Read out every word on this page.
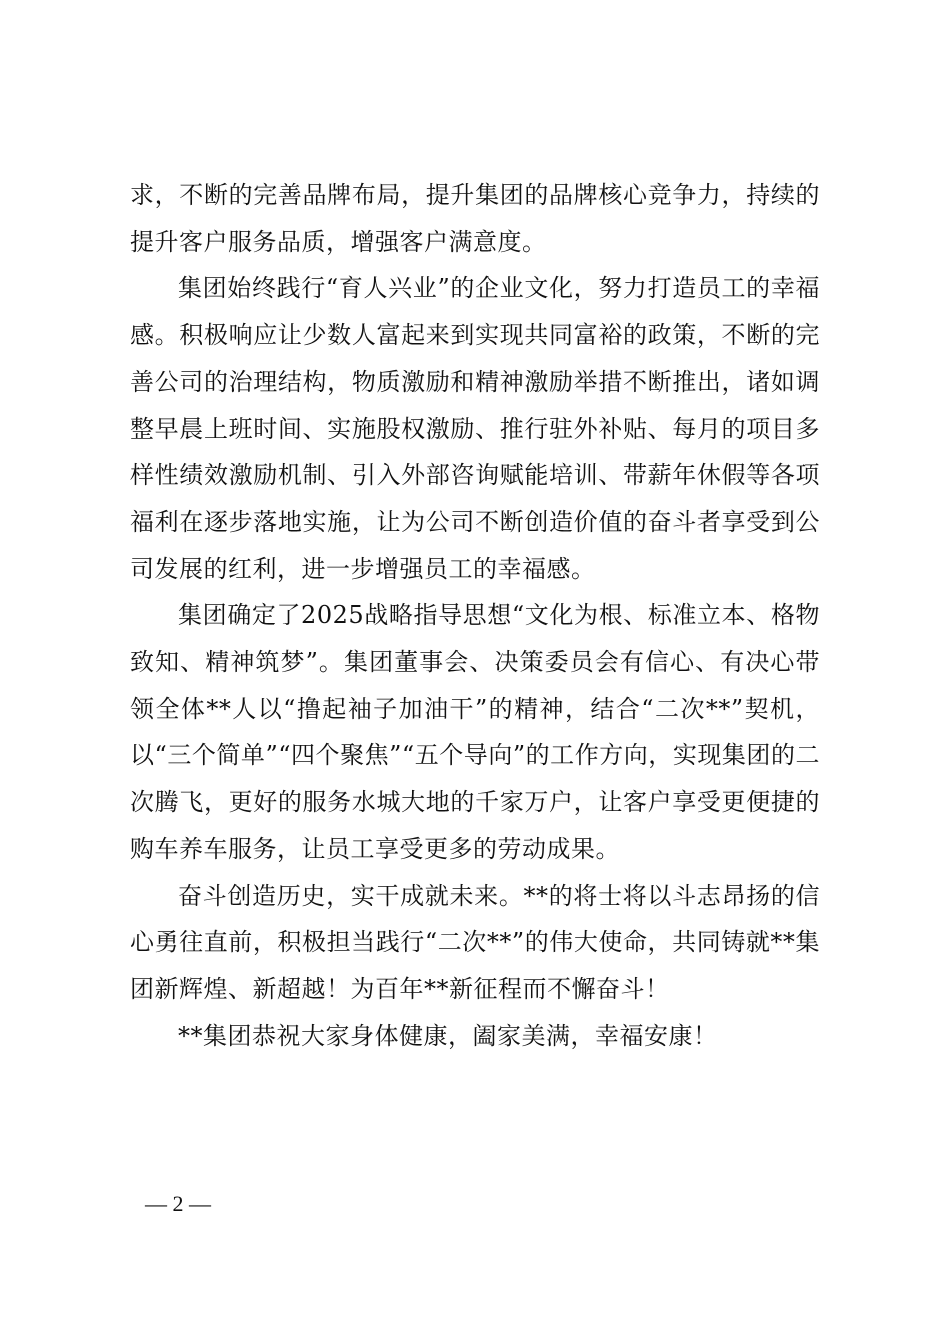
求，不断的完善品牌布局，提升集团的品牌核心竞争力，持续的提升客户服务品质，增强客户满意度。

集团始终践行“育人兴业”的企业文化，努力打造员工的幸福感。积极响应让少数人富起来到实现共同富裕的政策，不断的完善公司的治理结构，物质激励和精神激励举措不断推出，诸如调整早晨上班时间、实施股权激励、推行驻外补贴、每月的项目多样性绩效激励机制、引入外部咨询赋能培训、带薪年休假等各项福利在逐步落地实施，让为公司不断创造价值的奋斗者享受到公司发展的红利，进一步增强员工的幸福感。

集团确定了2025战略指导思想“文化为根、标准立本、格物致知、精神筑梦”。集团董事会、决策委员会有信心、有决心带领全体**人以“撸起袖子加油干”的精神，结合“二次**”契机，以“三个简单”“四个聚焦”“五个导向”的工作方向，实现集团的二次腾飞，更好的服务水城大地的千家万户，让客户享受更便捷的购车养车服务，让员工享受更多的劳动成果。

奋斗创造历史，实干成就未来。**的将士将以斗志昂扬的信心勇往直前，积极担当践行“二次**”的伟大使命，共同铸就**集团新辉煌、新超越！为百年**新征程而不懈奋斗！

**集团恭祝大家身体健康，阖家美满，幸福安康！

— 2 —
